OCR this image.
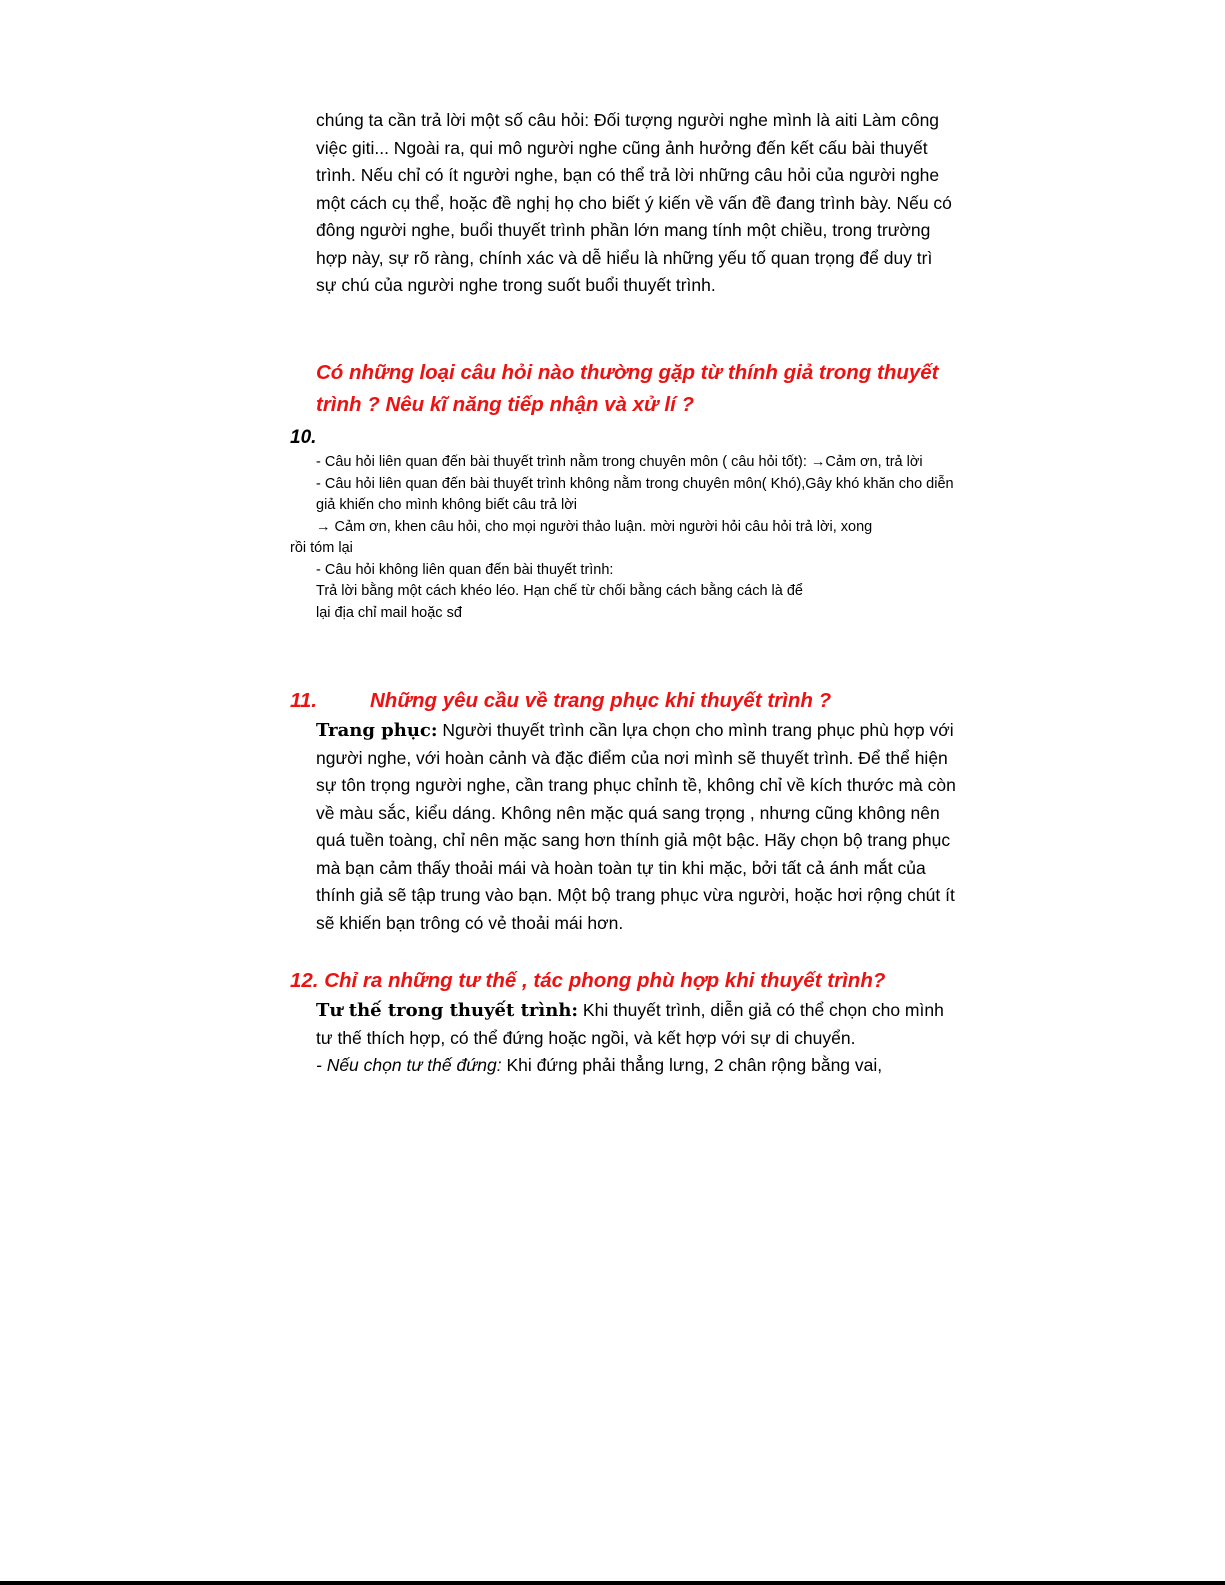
chúng ta cần trả lời một số câu hỏi: Đối tượng người nghe mình là aiti Làm công việc giti... Ngoài ra, qui mô người nghe cũng ảnh hưởng đến kết cấu bài thuyết trình. Nếu chỉ có ít người nghe, bạn có thể trả lời những câu hỏi của người nghe một cách cụ thể, hoặc đề nghị họ cho biết ý kiến về vấn đề đang trình bày. Nếu có đông người nghe, buổi thuyết trình phần lớn mang tính một chiều, trong trường hợp này, sự rõ ràng, chính xác và dễ hiểu là những yếu tố quan trọng để duy trì sự chú của người nghe trong suốt buổi thuyết trình.

Có những loại câu hỏi nào thường gặp từ thính giả trong thuyết trình ? Nêu kĩ năng tiếp nhận và xử lí ?

10.

- Câu hỏi liên quan đến bài thuyết trình nằm trong chuyên môn ( câu hỏi tốt): →Cảm ơn, trả lời
- Câu hỏi liên quan đến bài thuyết trình không nằm trong chuyên môn( Khó),Gây khó khăn cho diễn giả khiến cho mình không biết câu trả lời
→ Cảm ơn, khen câu hỏi, cho mọi người thảo luận. mời người hỏi câu hỏi trả lời, xong
rồi tóm lại
- Câu hỏi không liên quan đến bài thuyết trình:
Trả lời bằng một cách khéo léo. Hạn chế từ chối bằng cách bằng cách là để
lại địa chỉ mail hoặc sđ

11.	Những yêu cầu về trang phục khi thuyết trình ?

Trang phục: Người thuyết trình cần lựa chọn cho mình trang phục phù hợp với người nghe, với hoàn cảnh và đặc điểm của nơi mình sẽ thuyết trình. Để thể hiện sự tôn trọng người nghe, cần trang phục chỉnh tề, không chỉ về kích thước mà còn về màu sắc, kiểu dáng. Không nên mặc quá sang trọng , nhưng cũng không nên quá tuền toàng, chỉ nên mặc sang hơn thính giả một bậc. Hãy chọn bộ trang phục mà bạn cảm thấy thoải mái và hoàn toàn tự tin khi mặc, bởi tất cả ánh mắt của thính giả sẽ tập trung vào bạn. Một bộ trang phục vừa người, hoặc hơi rộng chút ít sẽ khiến bạn trông có vẻ thoải mái hơn.

12. Chỉ ra những tư thế , tác phong phù hợp khi thuyết trình?

Tư thế trong thuyết trình: Khi thuyết trình, diễn giả có thể chọn cho mình tư thế thích hợp, có thể đứng hoặc ngồi, và kết hợp với sự di chuyển.
- Nếu chọn tư thế đứng: Khi đứng phải thẳng lưng, 2 chân rộng bằng vai,
